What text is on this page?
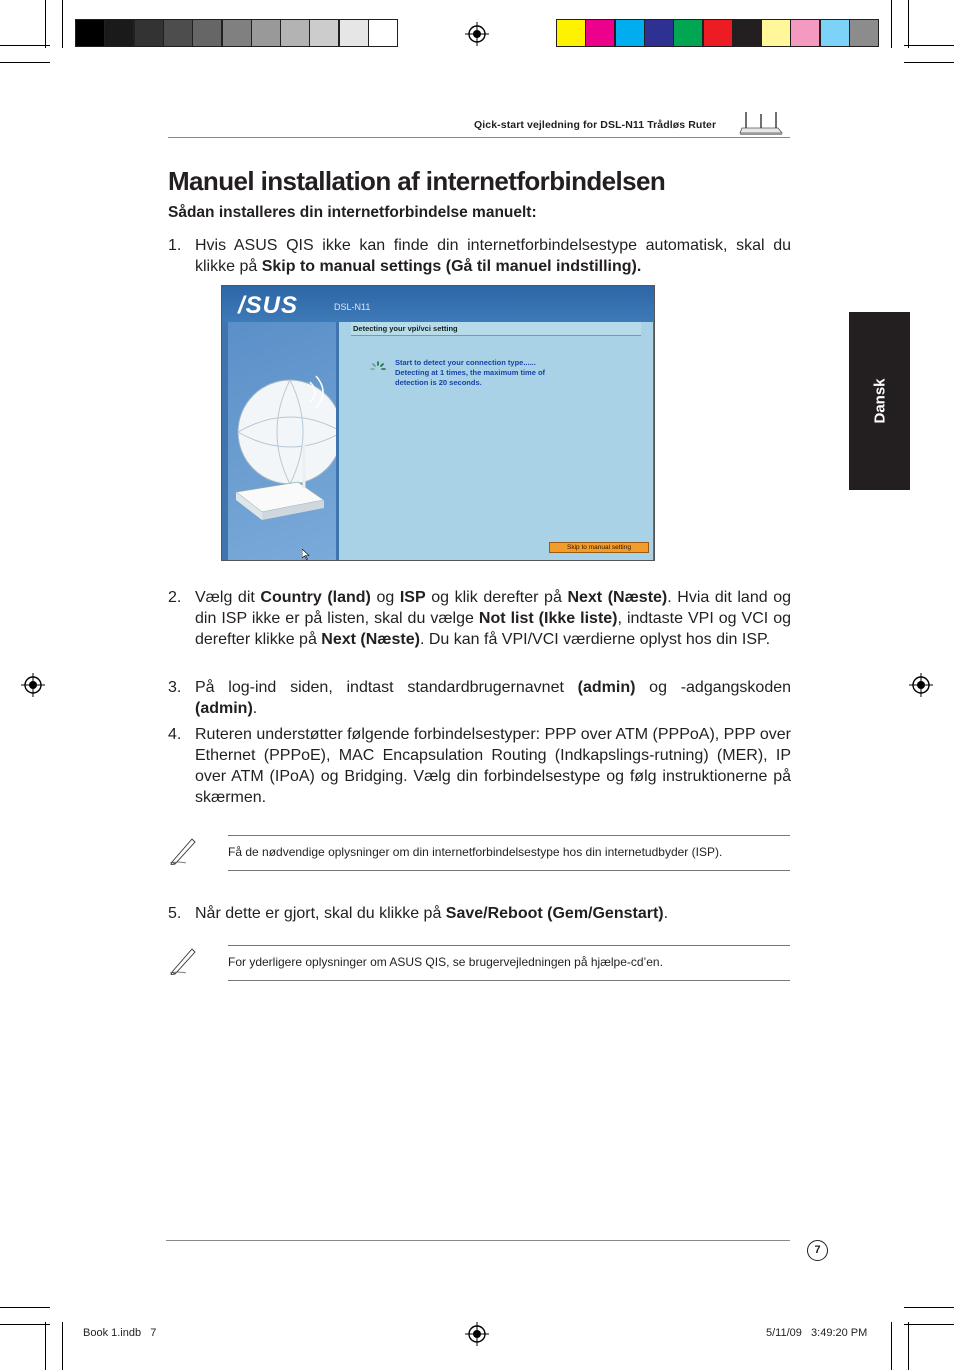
Qick-start vejledning for DSL-N11 Trådløs Ruter
Manuel installation af internetforbindelsen
Sådan installeres din internetforbindelse manuelt:
Dansk
1. Hvis ASUS QIS ikke kan finde din internetforbindelsestype automatisk, skal du klikke på Skip to manual settings (Gå til manuel indstilling).
/SUS	DSL-N11
Detecting your vpi/vci setting
Start to detect your connection type......
Detecting at 1 times, the maximum time of
detection is 20 seconds.
Skip to manual setting
2. Vælg dit Country (land) og ISP og klik derefter på Next (Næste). Hvia dit land og din ISP ikke er på listen, skal du vælge Not list (Ikke liste), indtaste VPI og VCI og derefter klikke på Next (Næste). Du kan få VPI/VCI værdierne oplyst hos din ISP.
3. På log-ind siden, indtast standardbrugernavnet (admin) og -adgangskoden (admin).
4. Ruteren understøtter følgende forbindelsestyper: PPP over ATM (PPPoA), PPP over Ethernet (PPPoE), MAC Encapsulation Routing (Indkapslings-rutning) (MER), IP over ATM (IPoA) og Bridging. Vælg din forbindelsestype og følg instruktionerne på skærmen.
Få de nødvendige oplysninger om din internetforbindelsestype hos din internetudbyder (ISP).
5. Når dette er gjort, skal du klikke på Save/Reboot (Gem/Genstart).
For yderligere oplysninger om ASUS QIS, se brugervejledningen på hjælpe-cd’en.
7
Book 1.indb   7	5/11/09   3:49:20 PM
